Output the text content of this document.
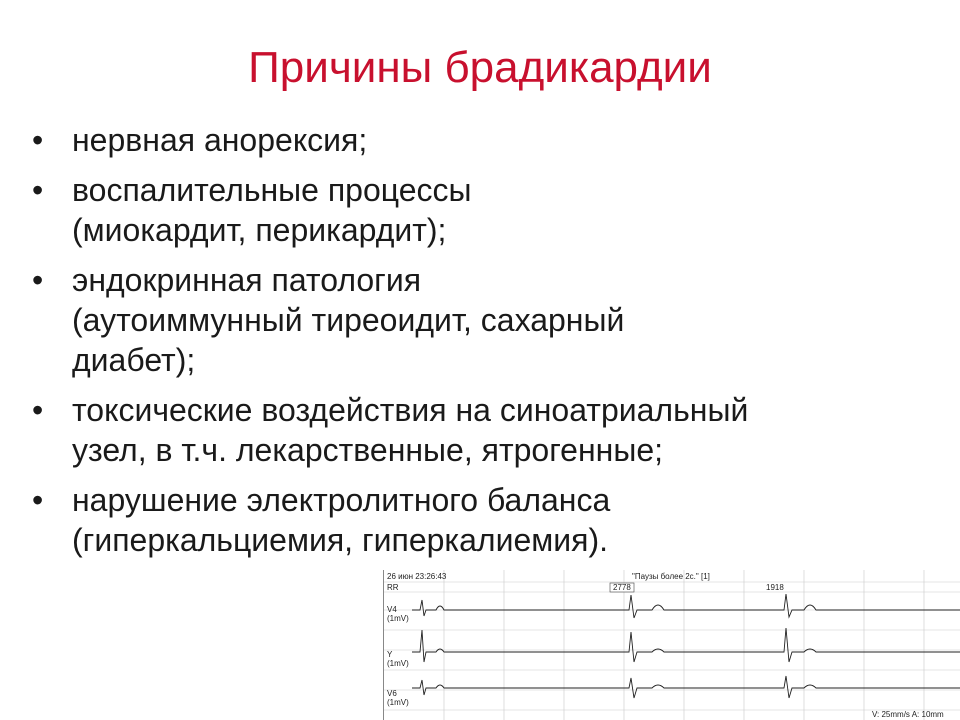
Причины брадикардии
• нервная анорексия;
• воспалительные процессы
(миокардит, перикардит);
• эндокринная патология
(аутоиммунный тиреоидит, сахарный
диабет);
• токсические воздействия на синоатриальный
узел, в т.ч. лекарственные, ятрогенные;
• нарушение электролитного баланса
(гиперкальциемия, гиперкалиемия).
26 июн 23:26:43	"Паузы более 2с." [1]
RR	2778	1918
V4
(1mV)
Y
(1mV)
V6
(1mV)
V: 25mm/s A: 10mm
